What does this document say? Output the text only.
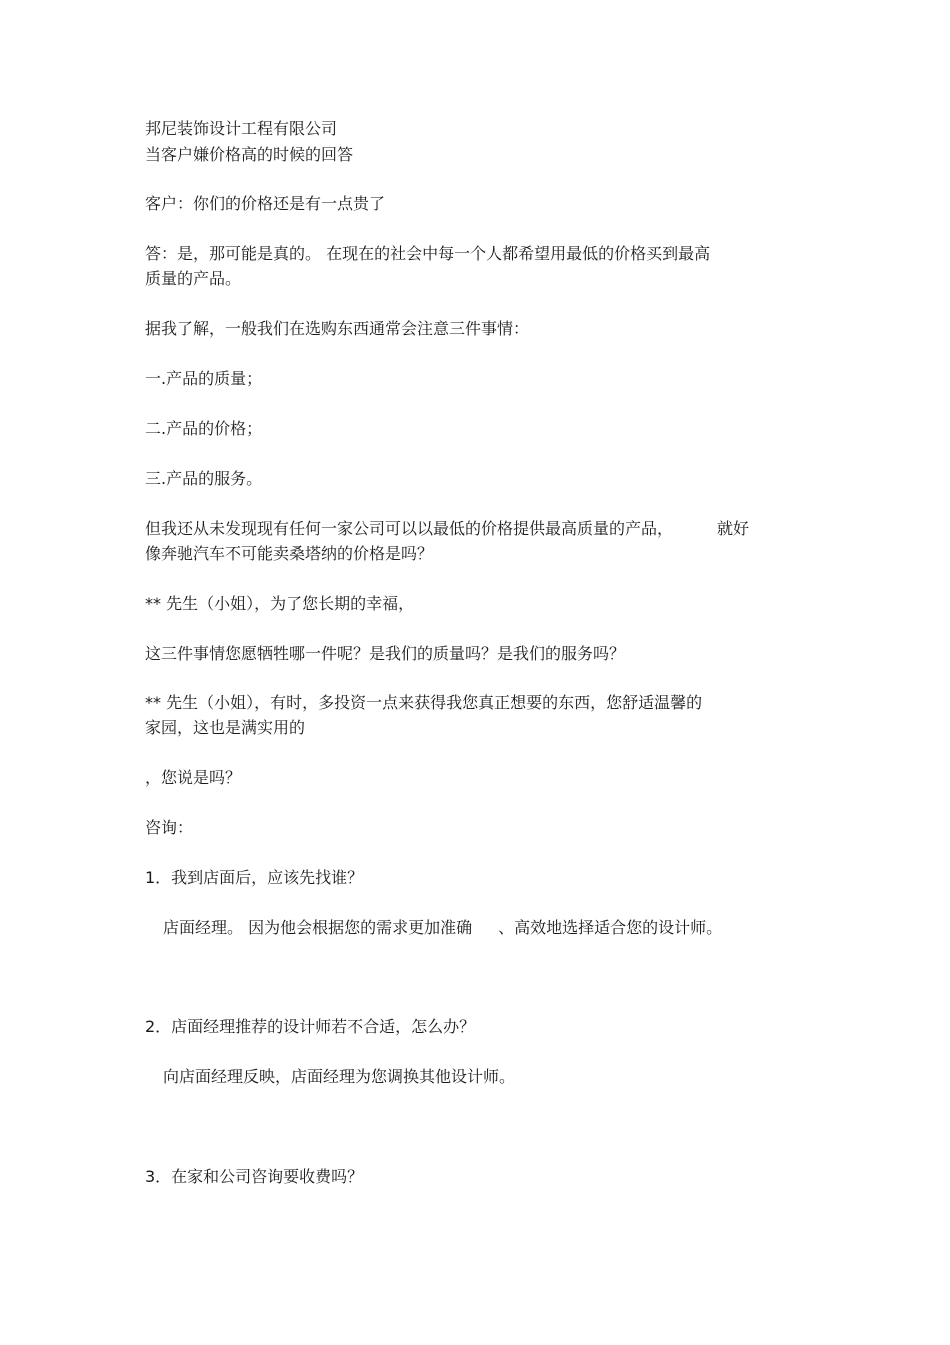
邦尼装饰设计工程有限公司

当客户嫌价格高的时候的回答

客户：你们的价格还是有一点贵了

答：是，那可能是真的。 在现在的社会中每一个人都希望用最低的价格买到最高

质量的产品。

据我了解，一般我们在选购东西通常会注意三件事情：

一.产品的质量；

二.产品的价格；

三.产品的服务。

但我还从未发现现有任何一家公司可以以最低的价格提供最高质量的产品，	就好

像奔驰汽车不可能卖桑塔纳的价格是吗？

** 先生（小姐），为了您长期的幸福，

这三件事情您愿牺牲哪一件呢？是我们的质量吗？是我们的服务吗？

** 先生（小姐），有时，多投资一点来获得我您真正想要的东西，您舒适温馨的

家园，这也是满实用的

，您说是吗？

咨询：

1．我到店面后，应该先找谁？

店面经理。 因为他会根据您的需求更加准确 、高效地选择适合您的设计师。

2．店面经理推荐的设计师若不合适，怎么办？

向店面经理反映，店面经理为您调换其他设计师。

3．在家和公司咨询要收费吗？
